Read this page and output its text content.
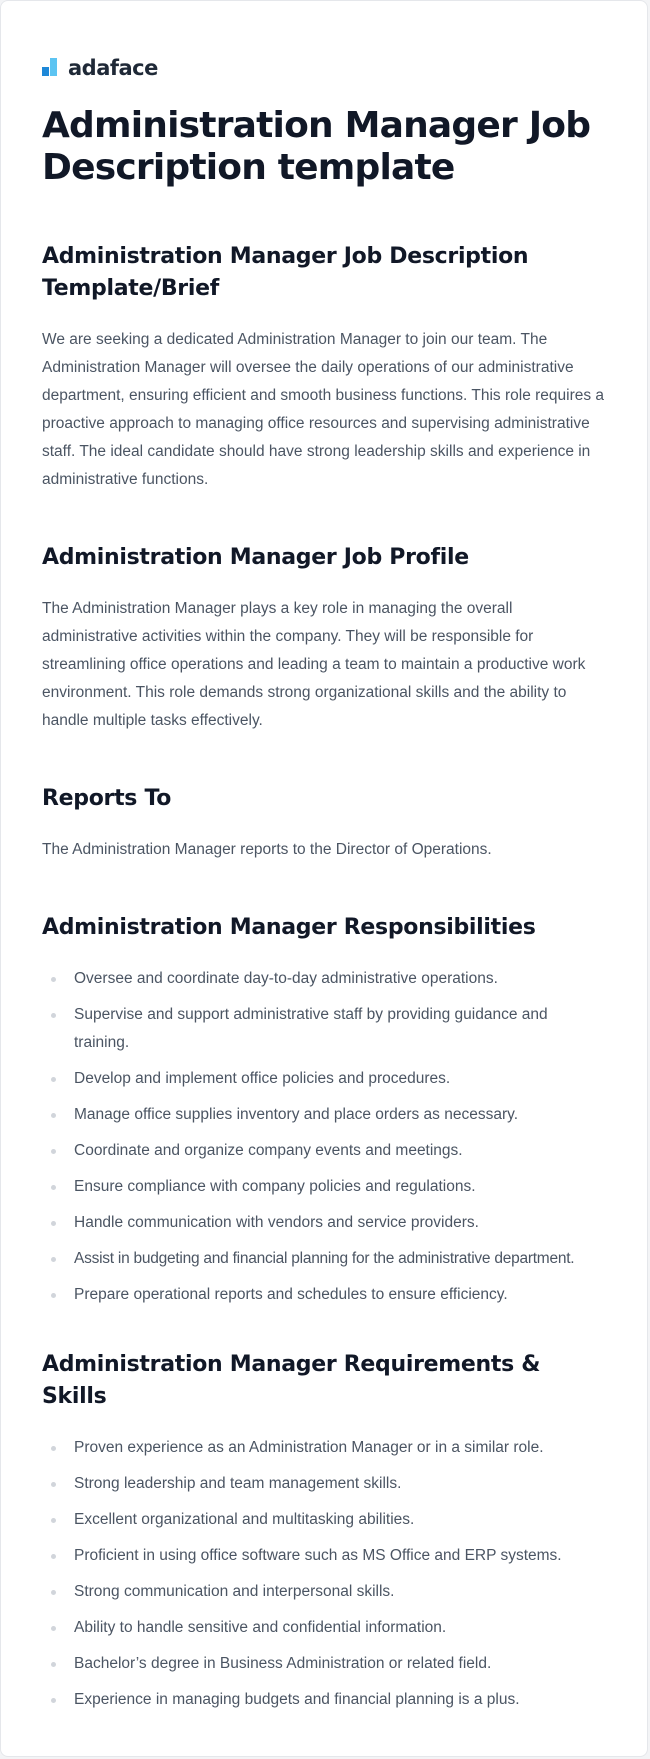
adaface
Administration Manager Job Description template
Administration Manager Job Description Template/Brief

We are seeking a dedicated Administration Manager to join our team. The Administration Manager will oversee the daily operations of our administrative department, ensuring efficient and smooth business functions. This role requires a proactive approach to managing office resources and supervising administrative staff. The ideal candidate should have strong leadership skills and experience in administrative functions.

Administration Manager Job Profile

The Administration Manager plays a key role in managing the overall administrative activities within the company. They will be responsible for streamlining office operations and leading a team to maintain a productive work environment. This role demands strong organizational skills and the ability to handle multiple tasks effectively.

Reports To

The Administration Manager reports to the Director of Operations.

Administration Manager Responsibilities
Oversee and coordinate day-to-day administrative operations.
Supervise and support administrative staff by providing guidance and training.
Develop and implement office policies and procedures.
Manage office supplies inventory and place orders as necessary.
Coordinate and organize company events and meetings.
Ensure compliance with company policies and regulations.
Handle communication with vendors and service providers.
Assist in budgeting and financial planning for the administrative department.
Prepare operational reports and schedules to ensure efficiency.
Administration Manager Requirements & Skills
Proven experience as an Administration Manager or in a similar role.
Strong leadership and team management skills.
Excellent organizational and multitasking abilities.
Proficient in using office software such as MS Office and ERP systems.
Strong communication and interpersonal skills.
Ability to handle sensitive and confidential information.
Bachelor’s degree in Business Administration or related field.
Experience in managing budgets and financial planning is a plus.
